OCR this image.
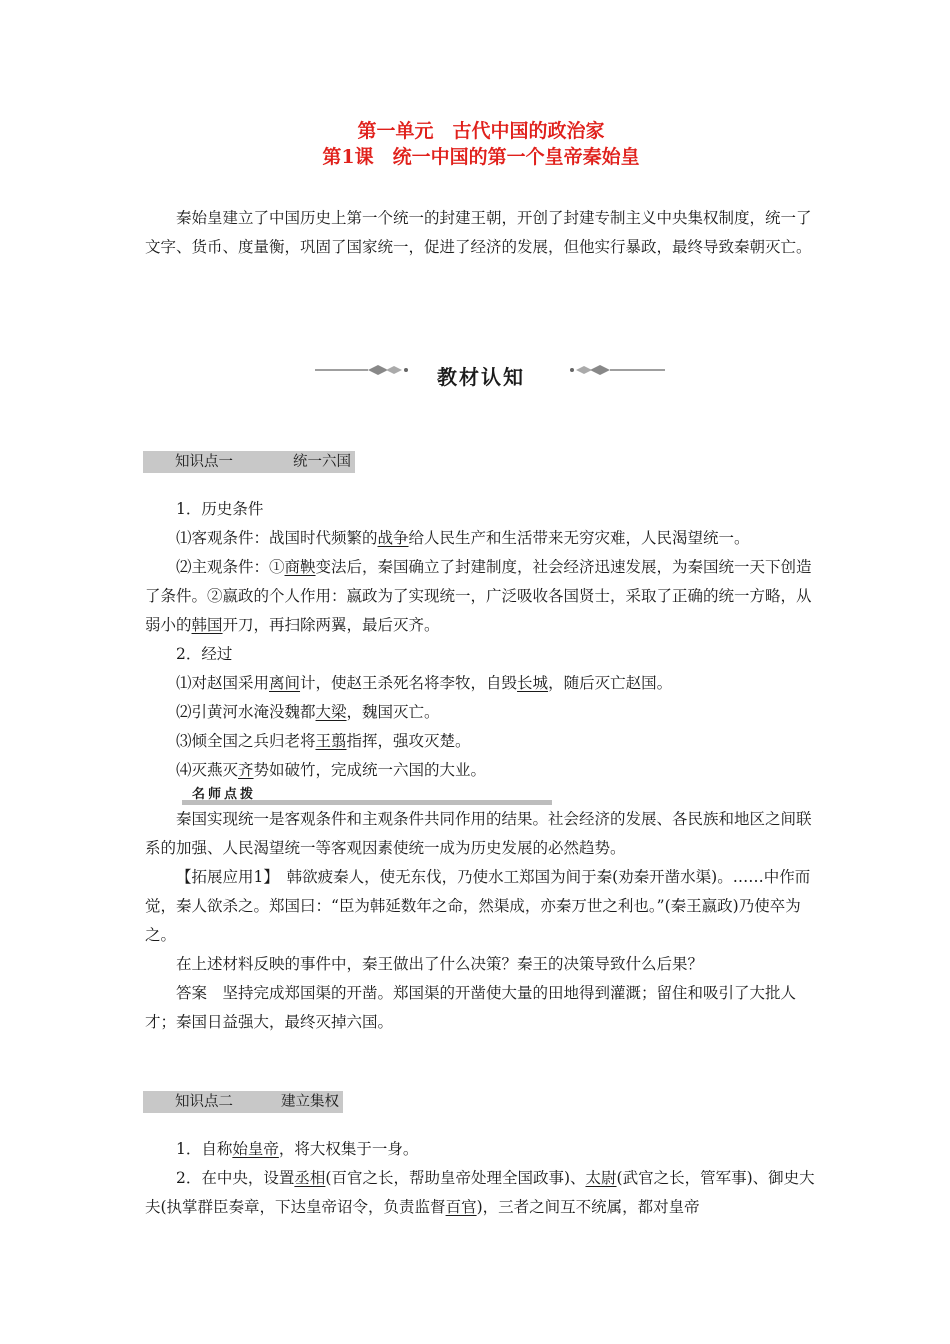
第一单元　古代中国的政治家
第1课　统一中国的第一个皇帝秦始皇

秦始皇建立了中国历史上第一个统一的封建王朝，开创了封建专制主义中央集权制度，统一了文字、货币、度量衡，巩固了国家统一，促进了经济的发展，但他实行暴政，最终导致秦朝灭亡。

教材认知
知识点一	统一六国

1．历史条件

⑴客观条件：战国时代频繁的战争给人民生产和生活带来无穷灾难，人民渴望统一。

⑵主观条件：①商鞅变法后，秦国确立了封建制度，社会经济迅速发展，为秦国统一天下创造了条件。②嬴政的个人作用：嬴政为了实现统一，广泛吸收各国贤士，采取了正确的统一方略，从弱小的韩国开刀，再扫除两翼，最后灭齐。

2．经过

⑴对赵国采用离间计，使赵王杀死名将李牧，自毁长城，随后灭亡赵国。

⑵引黄河水淹没魏都大梁，魏国灭亡。

⑶倾全国之兵归老将王翦指挥，强攻灭楚。

⑷灭燕灭齐势如破竹，完成统一六国的大业。

名师点拨

秦国实现统一是客观条件和主观条件共同作用的结果。社会经济的发展、各民族和地区之间联系的加强、人民渴望统一等客观因素使统一成为历史发展的必然趋势。

【拓展应用1】　韩欲疲秦人，使无东伐，乃使水工郑国为间于秦(劝秦开凿水渠)。……中作而觉，秦人欲杀之。郑国曰：“臣为韩延数年之命，然渠成，亦秦万世之利也。”(秦王嬴政)乃使卒为之。

在上述材料反映的事件中，秦王做出了什么决策？秦王的决策导致什么后果？

答案　坚持完成郑国渠的开凿。郑国渠的开凿使大量的田地得到灌溉；留住和吸引了大批人才；秦国日益强大，最终灭掉六国。

知识点二	建立集权

1．自称始皇帝，将大权集于一身。

2．在中央，设置丞相(百官之长，帮助皇帝处理全国政事)、太尉(武官之长，管军事)、御史大夫(执掌群臣奏章，下达皇帝诏令，负责监督百官)，三者之间互不统属，都对皇帝
